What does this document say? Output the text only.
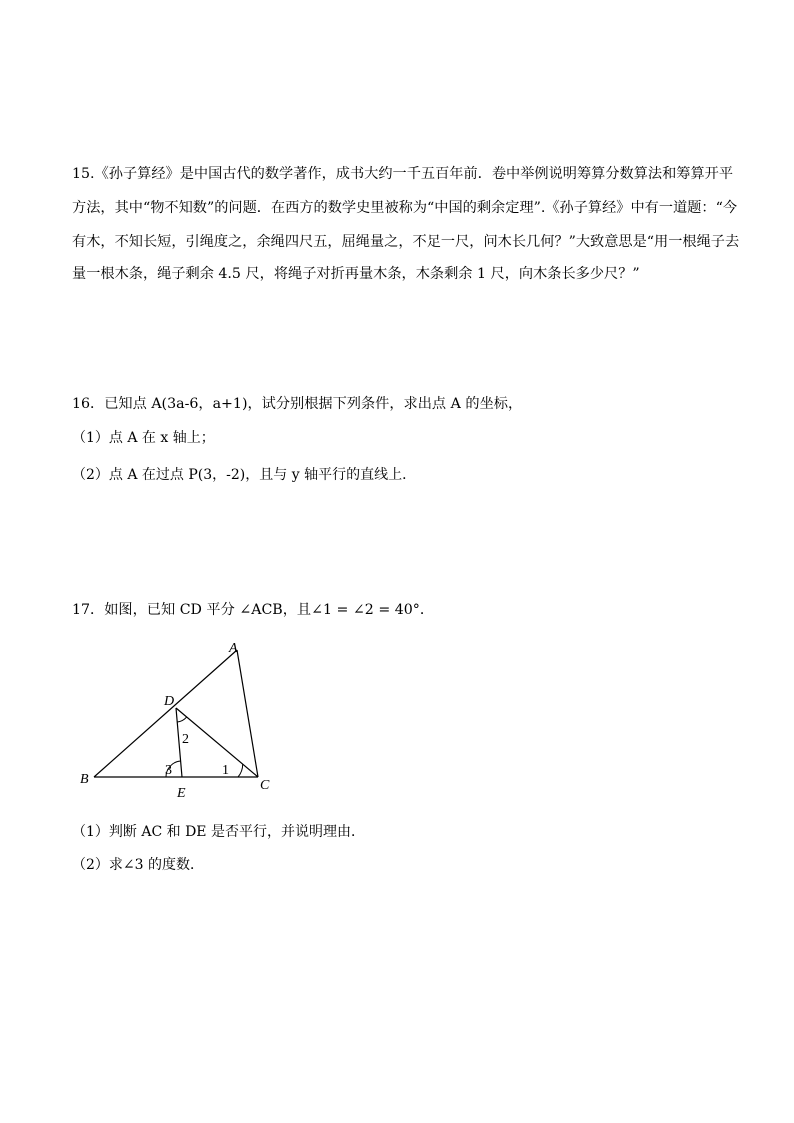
15.《孙子算经》是中国古代的数学著作，成书大约一千五百年前．卷中举例说明筹算分数算法和筹算开平
方法，其中“物不知数”的问题．在西方的数学史里被称为“中国的剩余定理”.《孙子算经》中有一道题：“今
有木，不知长短，引绳度之，余绳四尺五，屈绳量之，不足一尺，问木长几何？”大致意思是“用一根绳子去
量一根木条，绳子剩余 4.5 尺，将绳子对折再量木条，木条剩余 1 尺，向木条长多少尺？”
16．已知点 A(3a-6，a+1)，试分别根据下列条件，求出点 A 的坐标，
（1）点 A 在 x 轴上；
（2）点 A 在过点 P(3，-2)，且与 y 轴平行的直线上．
17．如图，已知 CD 平分 ∠ACB，且∠1 = ∠2 = 40°．
A
B	C
D
E
1
2
3
（1）判断 AC 和 DE 是否平行，并说明理由．
（2）求∠3 的度数．
